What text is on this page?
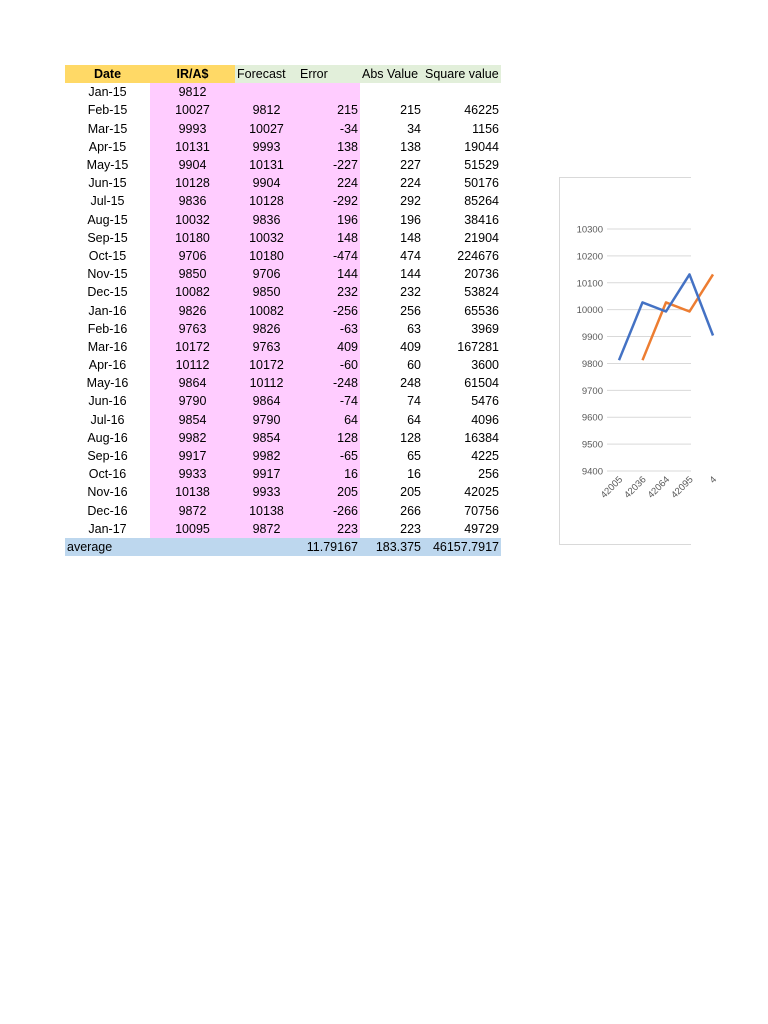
Date	IR/A$	Forecast	Error	Abs Value	Square value
Jan-15	9812				
Feb-15	10027	9812	215	215	46225
Mar-15	9993	10027	-34	34	1156
Apr-15	10131	9993	138	138	19044
May-15	9904	10131	-227	227	51529
Jun-15	10128	9904	224	224	50176
Jul-15	9836	10128	-292	292	85264
Aug-15	10032	9836	196	196	38416
Sep-15	10180	10032	148	148	21904
Oct-15	9706	10180	-474	474	224676
Nov-15	9850	9706	144	144	20736
Dec-15	10082	9850	232	232	53824
Jan-16	9826	10082	-256	256	65536
Feb-16	9763	9826	-63	63	3969
Mar-16	10172	9763	409	409	167281
Apr-16	10112	10172	-60	60	3600
May-16	9864	10112	-248	248	61504
Jun-16	9790	9864	-74	74	5476
Jul-16	9854	9790	64	64	4096
Aug-16	9982	9854	128	128	16384
Sep-16	9917	9982	-65	65	4225
Oct-16	9933	9917	16	16	256
Nov-16	10138	9933	205	205	42025
Dec-16	9872	10138	-266	266	70756
Jan-17	10095	9872	223	223	49729
average			11.79167	183.375	46157.7917
10300
10200
10100
10000
9900
9800
9700
9600
9500
9400
42005
42036
42064
42095 4
